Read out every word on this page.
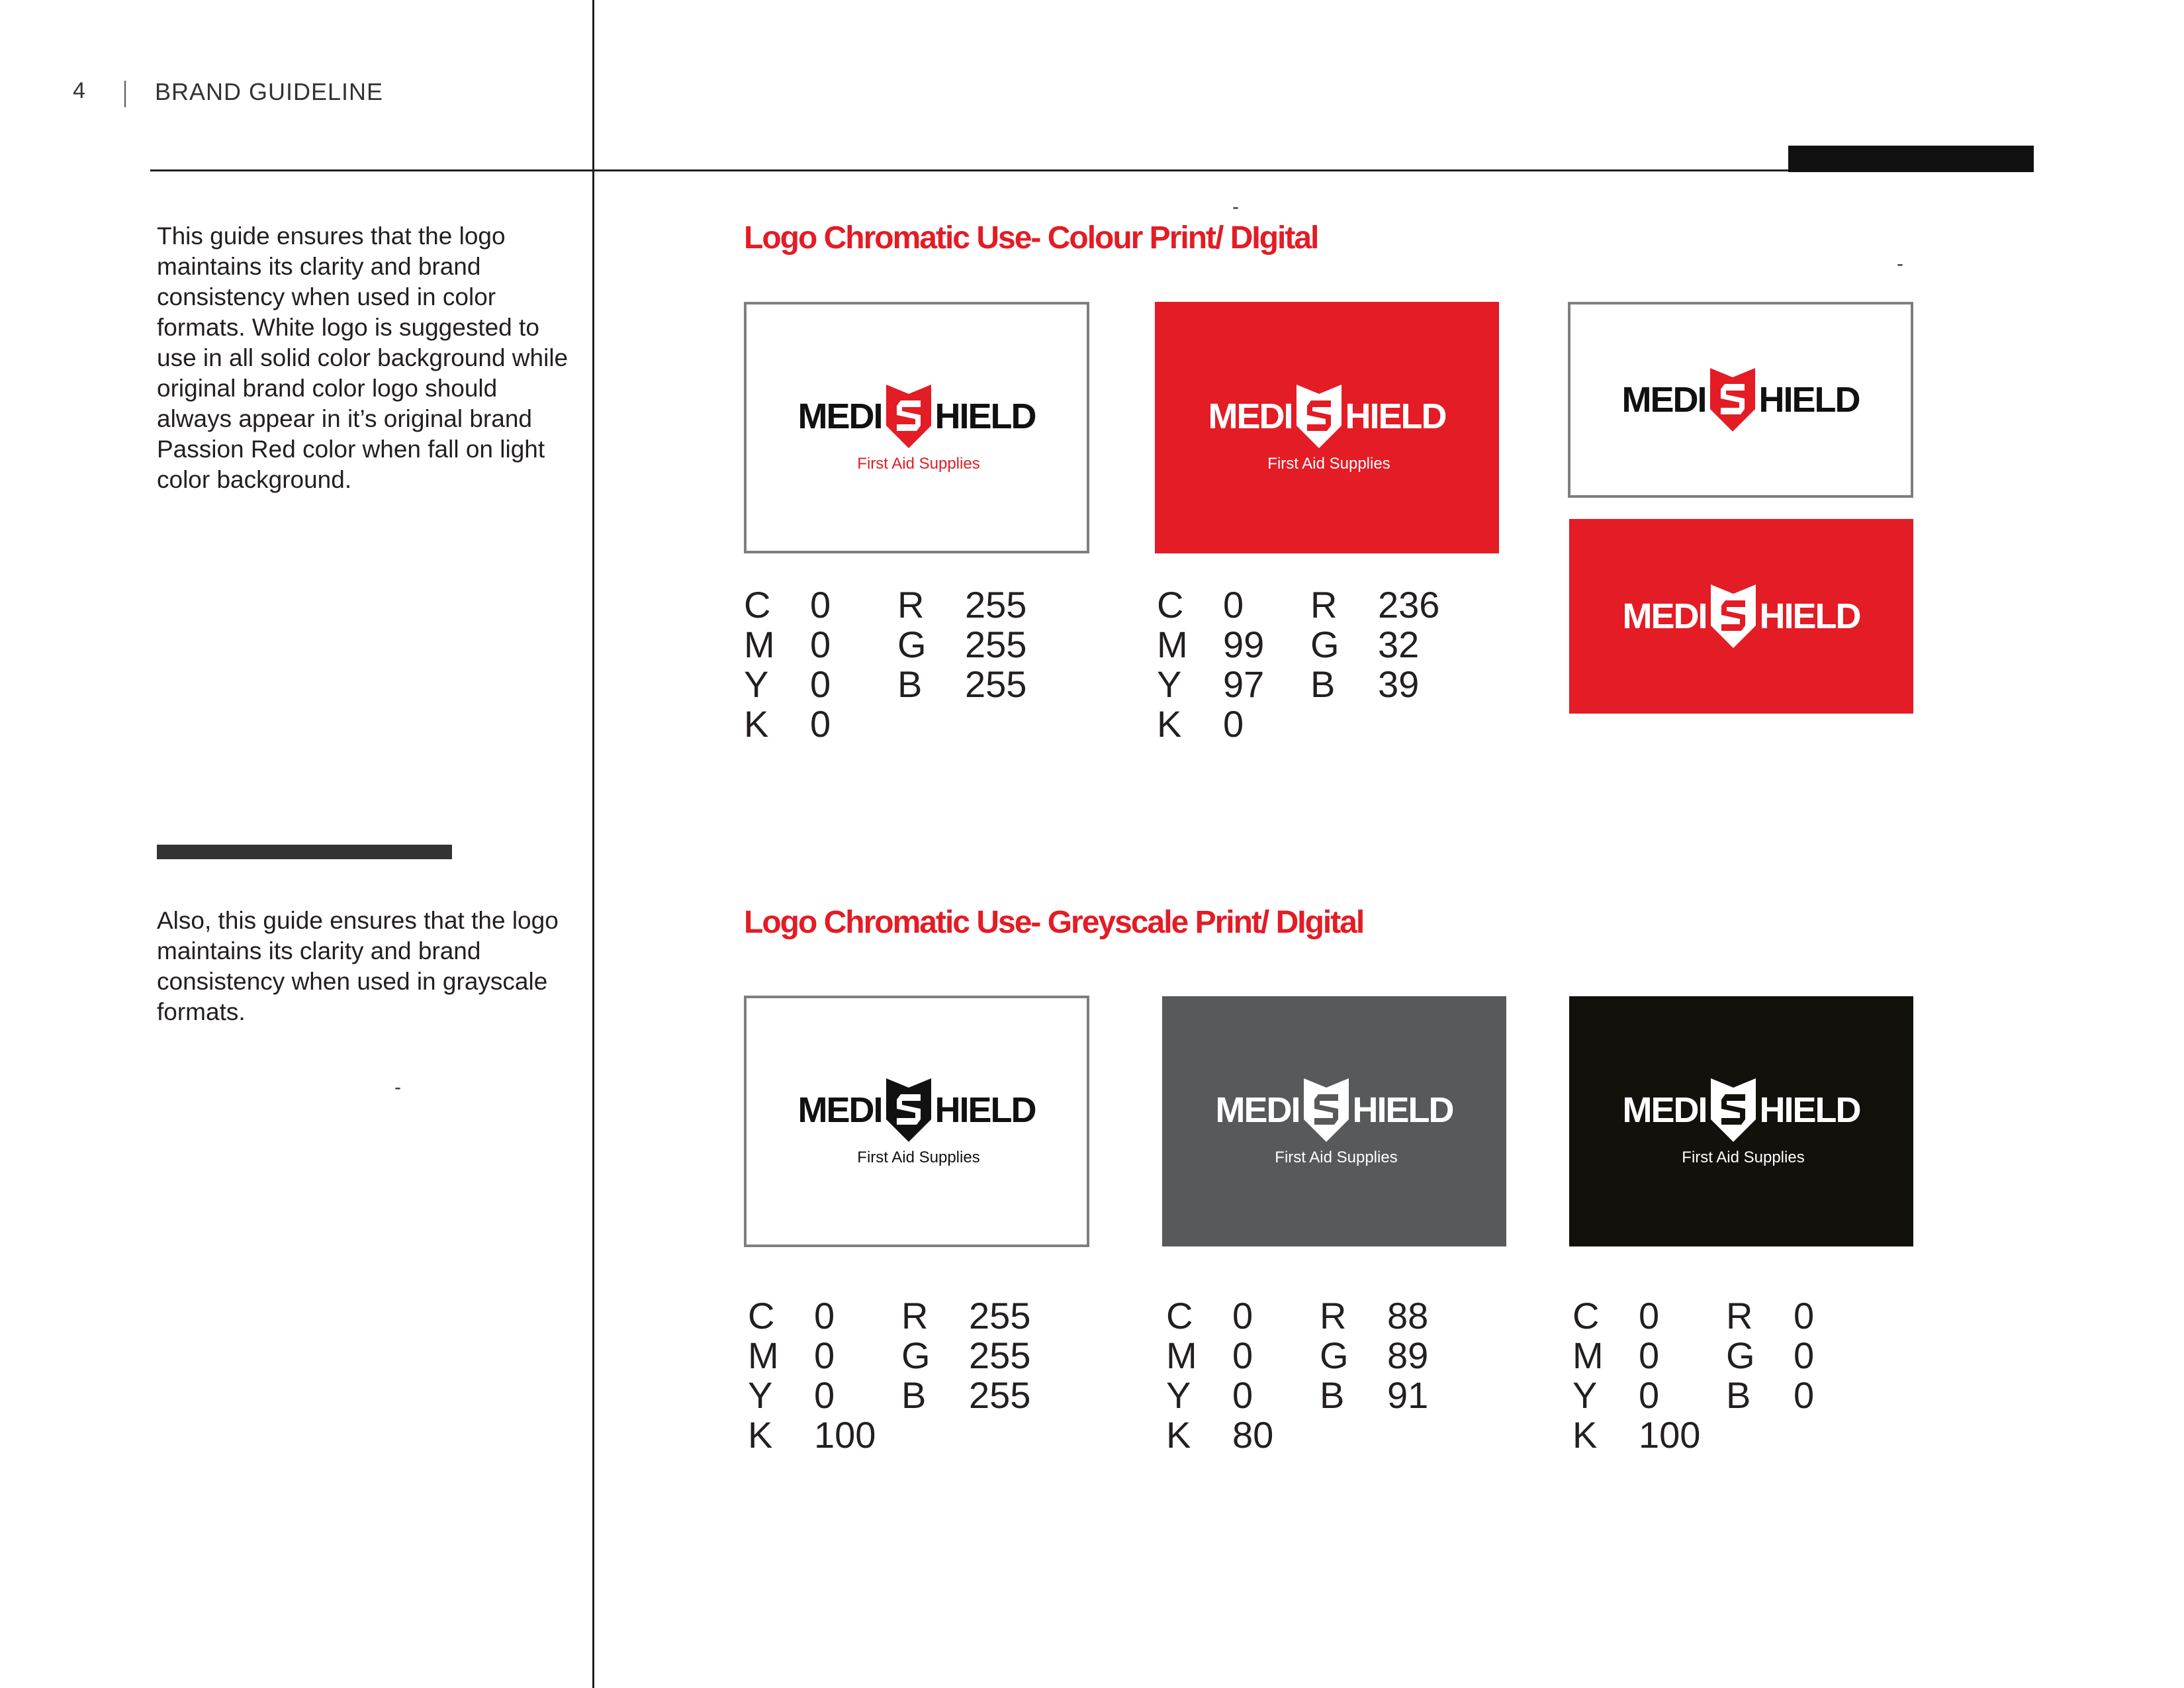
4	BRAND GUIDELINE
-
-
-
This guide ensures that the logo maintains its clarity and brand consistency when used in color formats. White logo is suggested to use in all solid color background while original brand color logo should always appear in it’s original brand Passion Red color when fall on light color background.
Also, this guide ensures that the logo maintains its clarity and brand consistency when used in grayscale formats.
Logo Chromatic Use- Colour Print/ DIgital
Logo Chromatic Use- Greyscale Print/ DIgital
MEDI HIELD
First Aid Supplies
MEDI HIELD
First Aid Supplies
MEDI HIELD
MEDI HIELD
MEDI HIELD
First Aid Supplies
MEDI HIELD
First Aid Supplies
MEDI HIELD
First Aid Supplies
C 0 R 255
M 0 G 255
Y 0 B 255
K 0
C 0 R 236
M 99 G 32
Y 97 B 39
K 0
C 0 R 255
M 0 G 255
Y 0 B 255
K 100
C 0 R 88
M 0 G 89
Y 0 B 91
K 80
C 0 R 0
M 0 G 0
Y 0 B 0
K 100
